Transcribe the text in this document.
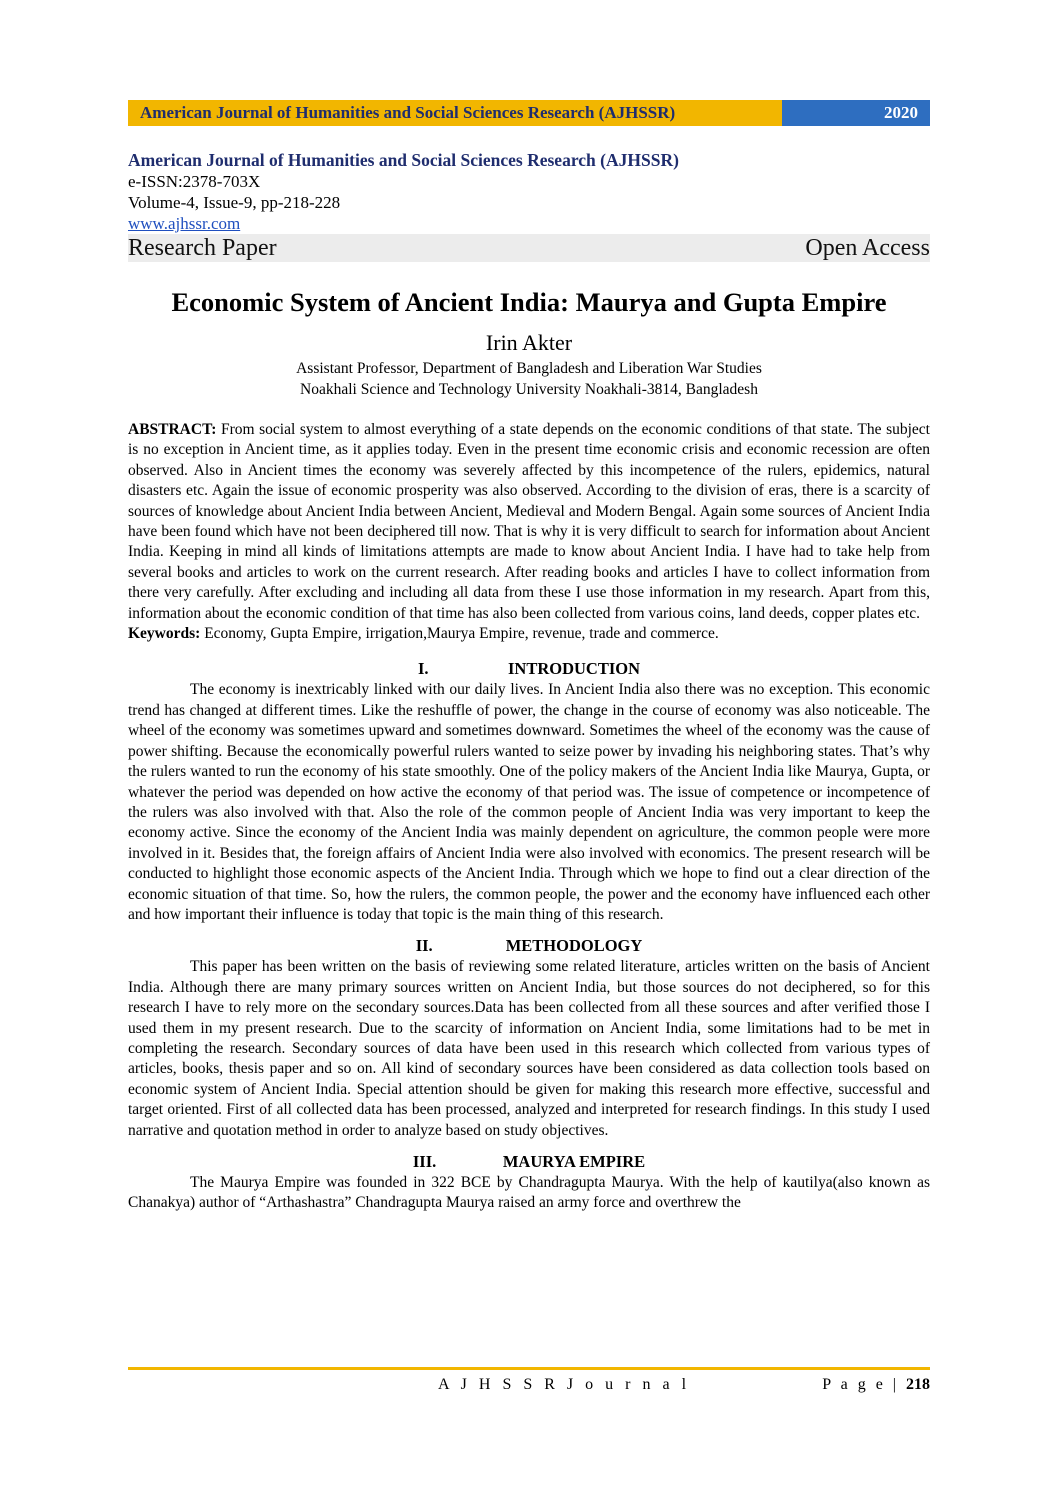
American Journal of Humanities and Social Sciences Research (AJHSSR)	2020
American Journal of Humanities and Social Sciences Research (AJHSSR)
e-ISSN:2378-703X
Volume-4, Issue-9, pp-218-228
www.ajhssr.com
Research Paper	Open Access
Economic System of Ancient India: Maurya and Gupta Empire
Irin Akter
Assistant Professor, Department of Bangladesh and Liberation War Studies
Noakhali Science and Technology University Noakhali-3814, Bangladesh

ABSTRACT: From social system to almost everything of a state depends on the economic conditions of that state. The subject is no exception in Ancient time, as it applies today. Even in the present time economic crisis and economic recession are often observed. Also in Ancient times the economy was severely affected by this incompetence of the rulers, epidemics, natural disasters etc. Again the issue of economic prosperity was also observed. According to the division of eras, there is a scarcity of sources of knowledge about Ancient India between Ancient, Medieval and Modern Bengal. Again some sources of Ancient India have been found which have not been deciphered till now. That is why it is very difficult to search for information about Ancient India. Keeping in mind all kinds of limitations attempts are made to know about Ancient India. I have had to take help from several books and articles to work on the current research. After reading books and articles I have to collect information from there very carefully. After excluding and including all data from these I use those information in my research. Apart from this, information about the economic condition of that time has also been collected from various coins, land deeds, copper plates etc.

Keywords: Economy, Gupta Empire, irrigation,Maurya Empire, revenue, trade and commerce.

I.	INTRODUCTION

The economy is inextricably linked with our daily lives. In Ancient India also there was no exception. This economic trend has changed at different times. Like the reshuffle of power, the change in the course of economy was also noticeable. The wheel of the economy was sometimes upward and sometimes downward. Sometimes the wheel of the economy was the cause of power shifting. Because the economically powerful rulers wanted to seize power by invading his neighboring states. That’s why the rulers wanted to run the economy of his state smoothly. One of the policy makers of the Ancient India like Maurya, Gupta, or whatever the period was depended on how active the economy of that period was. The issue of competence or incompetence of the rulers was also involved with that. Also the role of the common people of Ancient India was very important to keep the economy active. Since the economy of the Ancient India was mainly dependent on agriculture, the common people were more involved in it. Besides that, the foreign affairs of Ancient India were also involved with economics. The present research will be conducted to highlight those economic aspects of the Ancient India. Through which we hope to find out a clear direction of the economic situation of that time. So, how the rulers, the common people, the power and the economy have influenced each other and how important their influence is today that topic is the main thing of this research.

II.	METHODOLOGY

This paper has been written on the basis of reviewing some related literature, articles written on the basis of Ancient India. Although there are many primary sources written on Ancient India, but those sources do not deciphered, so for this research I have to rely more on the secondary sources.Data has been collected from all these sources and after verified those I used them in my present research. Due to the scarcity of information on Ancient India, some limitations had to be met in completing the research. Secondary sources of data have been used in this research which collected from various types of articles, books, thesis paper and so on. All kind of secondary sources have been considered as data collection tools based on economic system of Ancient India. Special attention should be given for making this research more effective, successful and target oriented. First of all collected data has been processed, analyzed and interpreted for research findings. In this study I used narrative and quotation method in order to analyze based on study objectives.

III.	MAURYA EMPIRE

The Maurya Empire was founded in 322 BCE by Chandragupta Maurya. With the help of kautilya(also known as Chanakya) author of “Arthashastra” Chandragupta Maurya raised an army force and overthrew the

A J H S S R J o u r n a l	P a g e | 218
